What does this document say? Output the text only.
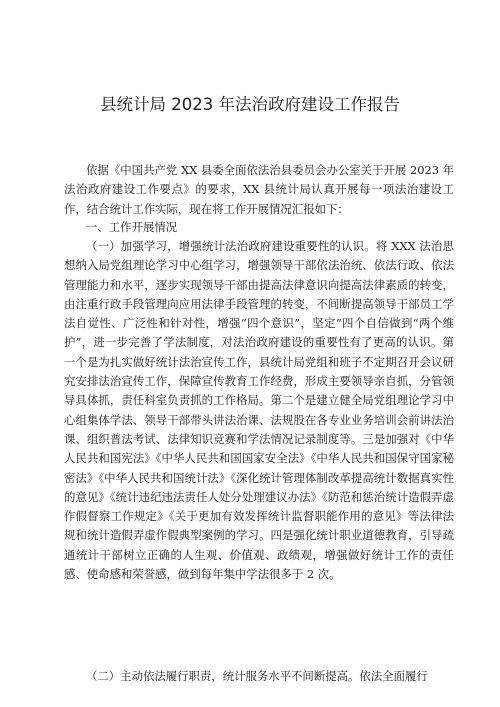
县统计局 2023 年法治政府建设工作报告

依据《中国共产党 XX 县委全面依法治县委员会办公室关于开展 2023 年法治政府建设工作要点》的要求，XX 县统计局认真开展每一项法治建设工作，结合统计工作实际，现在将工作开展情况汇报如下：

一、工作开展情况

（一）加强学习，增强统计法治政府建设重要性的认识。将 XXX 法治思想纳入局党组理论学习中心组学习，增强领导干部依法治统、依法行政、依法管理能力和水平，逐步实现领导干部由提高法律意识向提高法律素质的转变，由注重行政手段管理向应用法律手段管理的转变，不间断提高领导干部员工学法自觉性、广泛性和针对性，增强“四个意识”，坚定”四个自信做到“两个维护”，进一步完善了学法制度，对法治政府建设的重要性有了更高的认识。第一个是为扎实做好统计法治宣传工作，县统计局党组和班子不定期召开会议研究安排法治宣传工作，保障宣传教育工作经费，形成主要领导亲自抓，分管领导具体抓，责任科室负责抓的工作格局。第二个是建立健全局党组理论学习中心组集体学法、领导干部带头讲法治课、法规股在各专业业务培训会前讲法治课、组织普法考试、法律知识竞赛和学法情况记录制度等。三是加强对《中华人民共和国宪法》《中华人民共和国国家安全法》《中华人民共和国保守国家秘密法》《中华人民共和国统计法》《深化统计管理体制改革提高统计数据真实性的意见》《统计违纪违法责任人处分处理建议办法》《防范和惩治统计造假弄虚作假督察工作规定》《关于更加有效发挥统计监督职能作用的意见》等法律法规和统计造假弄虚作假典型案例的学习。四是强化统计职业道德教育，引导疏通统计干部树立正确的人生观、价值观、政绩观，增强做好统计工作的责任感、使命感和荣誉感，做到每年集中学法很多于 2 次。

（二）主动依法履行职责，统计服务水平不间断提高。依法全面履行
